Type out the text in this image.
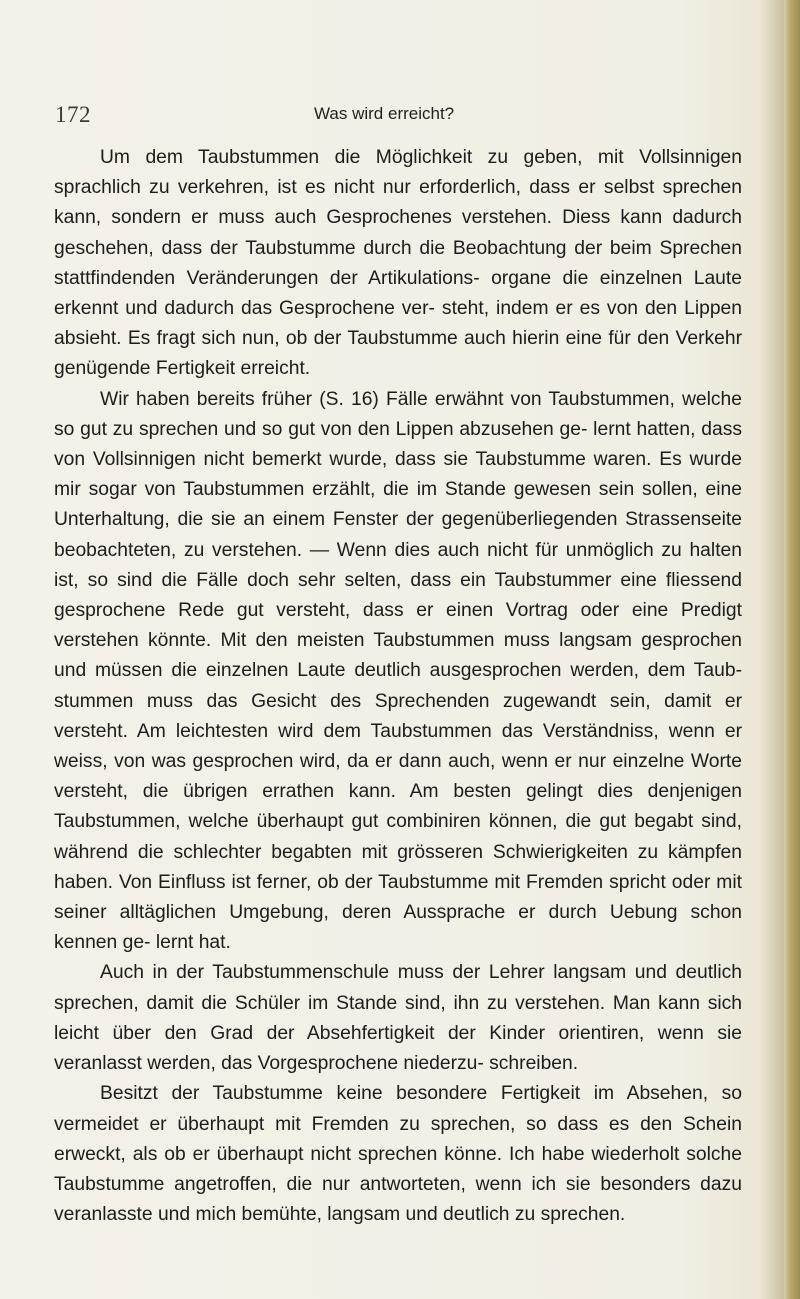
172	Was wird erreicht?

Um dem Taubstummen die Möglichkeit zu geben, mit Vollsinnigen sprachlich zu verkehren, ist es nicht nur erforderlich, dass er selbst sprechen kann, sondern er muss auch Gesprochenes verstehen. Diess kann dadurch geschehen, dass der Taubstumme durch die Beobachtung der beim Sprechen stattfindenden Veränderungen der Artikulations- organe die einzelnen Laute erkennt und dadurch das Gesprochene ver- steht, indem er es von den Lippen absieht. Es fragt sich nun, ob der Taubstumme auch hierin eine für den Verkehr genügende Fertigkeit erreicht.

Wir haben bereits früher (S. 16) Fälle erwähnt von Taubstummen, welche so gut zu sprechen und so gut von den Lippen abzusehen ge- lernt hatten, dass von Vollsinnigen nicht bemerkt wurde, dass sie Taubstumme waren. Es wurde mir sogar von Taubstummen erzählt, die im Stande gewesen sein sollen, eine Unterhaltung, die sie an einem Fenster der gegenüberliegenden Strassenseite beobachteten, zu verstehen. — Wenn dies auch nicht für unmöglich zu halten ist, so sind die Fälle doch sehr selten, dass ein Taubstummer eine fliessend gesprochene Rede gut versteht, dass er einen Vortrag oder eine Predigt verstehen könnte. Mit den meisten Taubstummen muss langsam gesprochen und müssen die einzelnen Laute deutlich ausgesprochen werden, dem Taub- stummen muss das Gesicht des Sprechenden zugewandt sein, damit er versteht. Am leichtesten wird dem Taubstummen das Verständniss, wenn er weiss, von was gesprochen wird, da er dann auch, wenn er nur einzelne Worte versteht, die übrigen errathen kann. Am besten gelingt dies denjenigen Taubstummen, welche überhaupt gut combiniren können, die gut begabt sind, während die schlechter begabten mit grösseren Schwierigkeiten zu kämpfen haben. Von Einfluss ist ferner, ob der Taubstumme mit Fremden spricht oder mit seiner alltäglichen Umgebung, deren Aussprache er durch Uebung schon kennen ge- lernt hat.

Auch in der Taubstummenschule muss der Lehrer langsam und deutlich sprechen, damit die Schüler im Stande sind, ihn zu verstehen. Man kann sich leicht über den Grad der Absehfertigkeit der Kinder orientiren, wenn sie veranlasst werden, das Vorgesprochene niederzu- schreiben.

Besitzt der Taubstumme keine besondere Fertigkeit im Absehen, so vermeidet er überhaupt mit Fremden zu sprechen, so dass es den Schein erweckt, als ob er überhaupt nicht sprechen könne. Ich habe wiederholt solche Taubstumme angetroffen, die nur antworteten, wenn ich sie besonders dazu veranlasste und mich bemühte, langsam und deutlich zu sprechen.
